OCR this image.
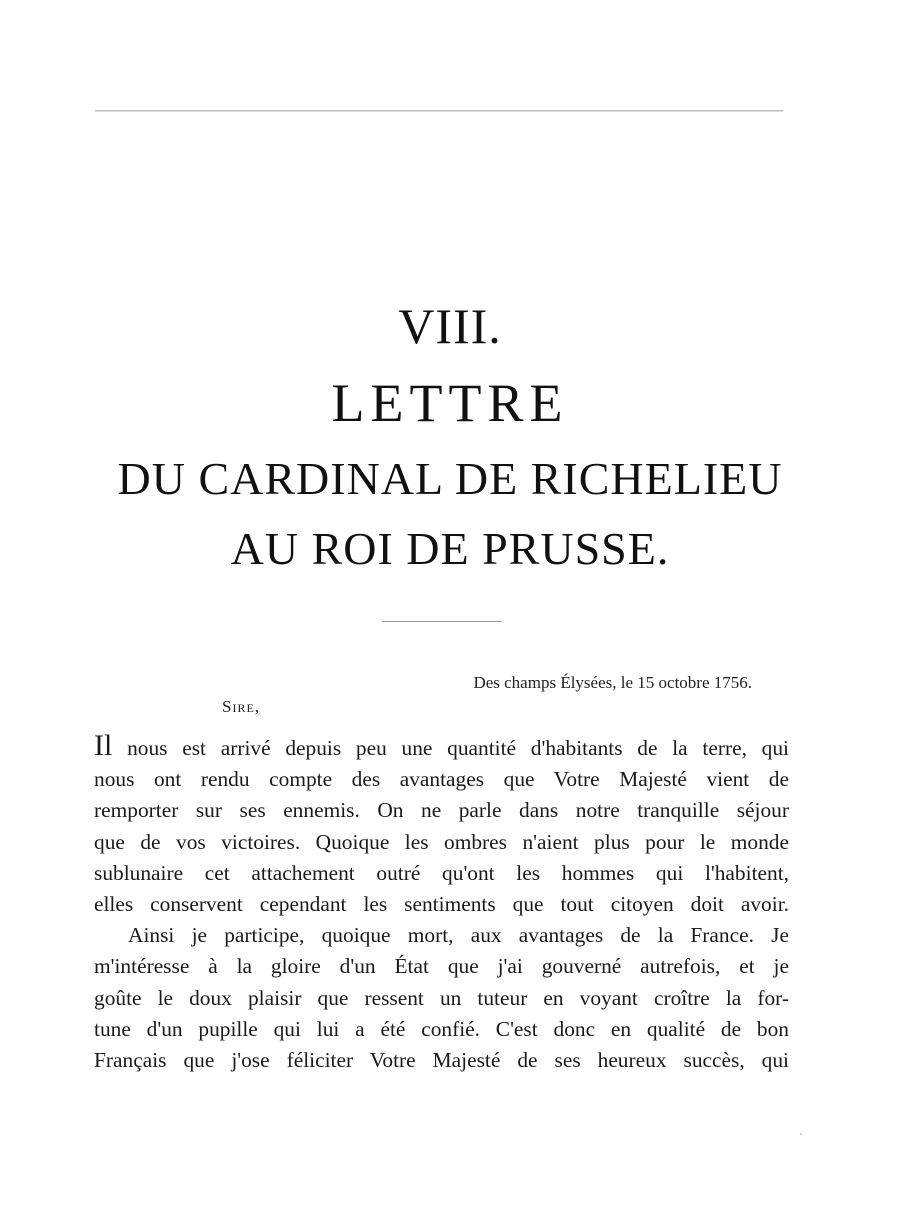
VIII.
LETTRE
DU CARDINAL DE RICHELIEU
AU ROI DE PRUSSE.
Des champs Élysées, le 15 octobre 1756.
Sire,
Il nous est arrivé depuis peu une quantité d'habitants de la terre, qui
nous ont rendu compte des avantages que Votre Majesté vient de
remporter sur ses ennemis. On ne parle dans notre tranquille séjour
que de vos victoires. Quoique les ombres n'aient plus pour le monde
sublunaire cet attachement outré qu'ont les hommes qui l'habitent,
elles conservent cependant les sentiments que tout citoyen doit avoir.
Ainsi je participe, quoique mort, aux avantages de la France. Je
m'intéresse à la gloire d'un État que j'ai gouverné autrefois, et je
goûte le doux plaisir que ressent un tuteur en voyant croître la for-
tune d'un pupille qui lui a été confié. C'est donc en qualité de bon
Français que j'ose féliciter Votre Majesté de ses heureux succès, qui
